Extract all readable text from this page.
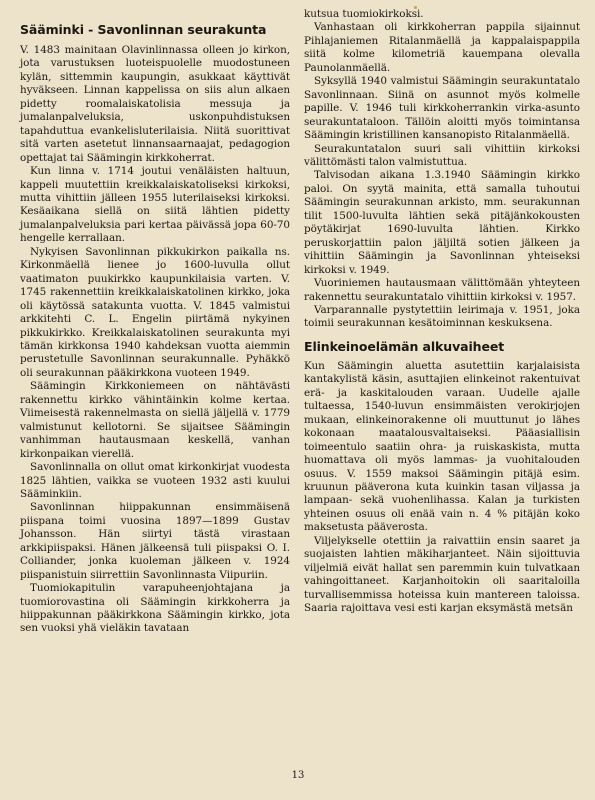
Sääminki - Savonlinnan seurakunta

V. 1483 mainitaan Olavinlinnassa olleen jo kirkon, jota varustuksen luoteispuolelle muodostuneen kylän, sittemmin kaupungin, asukkaat käyttivät hyväkseen. Linnan kappelissa on siis alun alkaen pidetty roomalaiskatolisia messuja ja jumalanpalveluksia, uskonpuhdistuksen tapahduttua evankelisluterilaisia. Niitä suorittivat sitä varten asetetut linnansaarnaajat, pedagogion opettajat tai Säämingin kirkkoherrat.

Kun linna v. 1714 joutui venäläisten haltuun, kappeli muutettiin kreikkalaiskatoliseksi kirkoksi, mutta vihittiin jälleen 1955 luterilaiseksi kirkoksi. Kesäaikana siellä on siitä lähtien pidetty jumalanpalveluksia pari kertaa päivässä jopa 60-70 hengelle kerrallaan.

Nykyisen Savonlinnan pikkukirkon paikalla ns. Kirkonmäellä lienee jo 1600-luvulla ollut vaatimaton puukirkko kaupunkilaisia varten. V. 1745 rakennettiin kreikkalaiskatolinen kirkko, joka oli käytössä satakunta vuotta. V. 1845 valmistui arkkitehti C. L. Engelin piirtämä nykyinen pikkukirkko. Kreikkalaiskatolinen seurakunta myi tämän kirkkonsa 1940 kahdeksan vuotta aiemmin perustetulle Savonlinnan seurakunnalle. Pyhäkkö oli seurakunnan pääkirkkona vuoteen 1949.

Säämingin Kirkkoniemeen on nähtävästi rakennettu kirkko vähintäinkin kolme kertaa. Viimeisestä rakennelmasta on siellä jäljellä v. 1779 valmistunut kellotorni. Se sijaitsee Säämingin vanhimman hautausmaan keskellä, vanhan kirkonpaikan vierellä.

Savonlinnalla on ollut omat kirkonkirjat vuodesta 1825 lähtien, vaikka se vuoteen 1932 asti kuului Sääminkiin.

Savonlinnan hiippakunnan ensimmäisenä piispana toimi vuosina 1897—1899 Gustav Johansson. Hän siirtyi tästä virastaan arkkipiispaksi. Hänen jälkeensä tuli piispaksi O. I. Colliander, jonka kuoleman jälkeen v. 1924 piispanistuin siirrettiin Savonlinnasta Viipuriin.

Tuomiokapitulin varapuheenjohtajana ja tuomiorovastina oli Säämingin kirkkoherra ja hiippakunnan pääkirkkona Säämingin kirkko, jota sen vuoksi yhä vieläkin tavataan

kutsua tuomiokirkoksi.

Vanhastaan oli kirkkoherran pappila sijainnut Pihlajaniemen Ritalanmäellä ja kappalaispappila siitä kolme kilometriä kauempana olevalla Paunolanmäellä.

Syksyllä 1940 valmistui Säämingin seurakuntatalo Savonlinnaan. Siinä on asunnot myös kolmelle papille. V. 1946 tuli kirkkoherrankin virka-asunto seurakuntataloon. Tällöin aloitti myös toimintansa Säämingin kristillinen kansanopisto Ritalanmäellä.

Seurakuntatalon suuri sali vihittiin kirkoksi välittömästi talon valmistuttua.

Talvisodan aikana 1.3.1940 Säämingin kirkko paloi. On syytä mainita, että samalla tuhoutui Säämingin seurakunnan arkisto, mm. seurakunnan tilit 1500-luvulta lähtien sekä pitäjänkokousten pöytäkirjat 1690-luvulta lähtien. Kirkko peruskorjattiin palon jäljiltä sotien jälkeen ja vihittiin Säämingin ja Savonlinnan yhteiseksi kirkoksi v. 1949.

Vuoriniemen hautausmaan välittömään yhteyteen rakennettu seurakuntatalo vihittiin kirkoksi v. 1957.

Varparannalle pystytettiin leirimaja v. 1951, joka toimii seurakunnan kesätoiminnan keskuksena.

Elinkeinoelämän alkuvaiheet

Kun Säämingin aluetta asutettiin karjalaisista kantakylistä käsin, asuttajien elinkeinot rakentuivat erä- ja kaskitalouden varaan. Uudelle ajalle tultaessa, 1540-luvun ensimmäisten verokirjojen mukaan, elinkeinorakenne oli muuttunut jo lähes kokonaan maatalousvaltaiseksi. Pääasiallisin toimeentulo saatiin ohra- ja ruiskaskista, mutta huomattava oli myös lammas- ja vuohitalouden osuus. V. 1559 maksoi Säämingin pitäjä esim. kruunun pääverona kuta kuinkin tasan viljassa ja lampaan- sekä vuohenlihassa. Kalan ja turkisten yhteinen osuus oli enää vain n. 4 % pitäjän koko maksetusta pääverosta.

Viljelykselle otettiin ja raivattiin ensin saaret ja suojaisten lahtien mäkiharjanteet. Näin sijoittuvia viljelmiä eivät hallat sen paremmin kuin tulvatkaan vahingoittaneet. Karjanhoitokin oli saaritaloilla turvallisemmissa hoteissa kuin mantereen taloissa. Saaria rajoittava vesi esti karjan eksymästä metsän

13
